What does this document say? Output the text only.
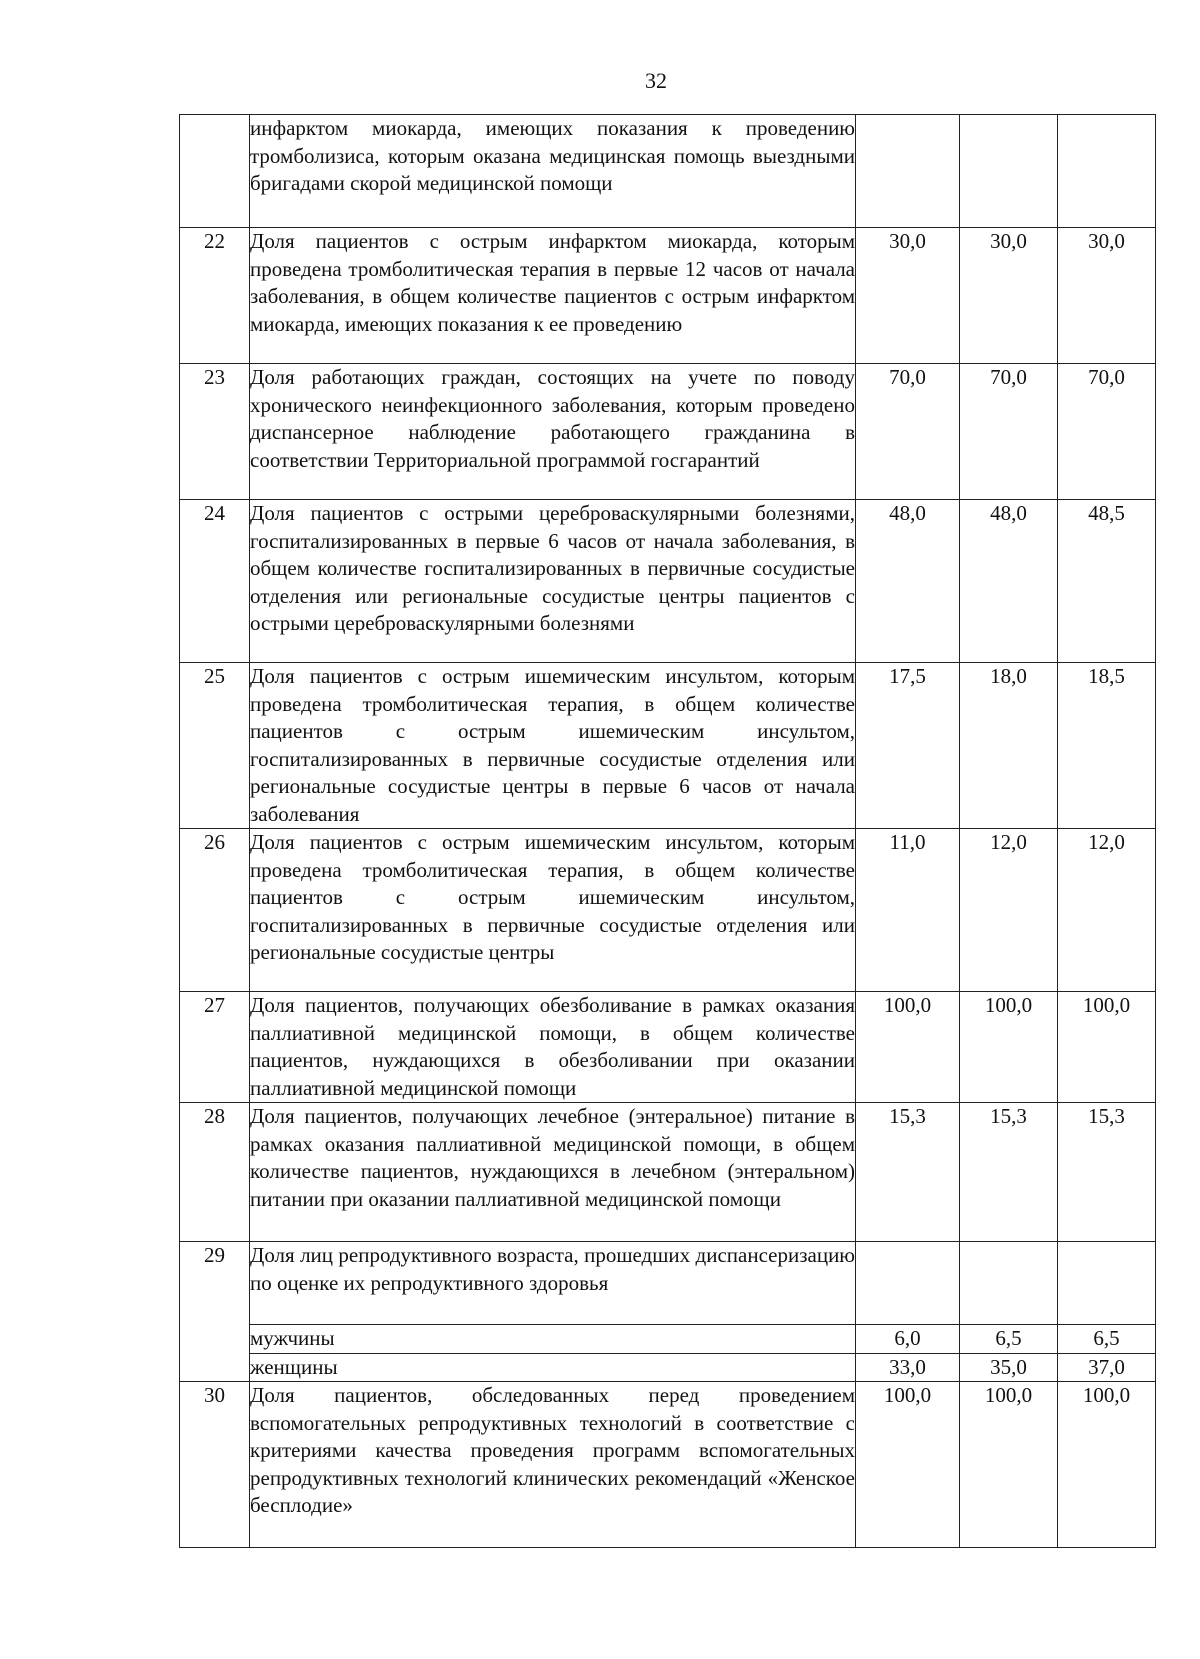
32
	инфарктом миокарда, имеющих показания к проведению тромболизиса, которым оказана медицинская помощь выездными бригадами скорой медицинской помощи			
22	Доля пациентов с острым инфарктом миокарда, которым проведена тромболитическая терапия в первые 12 часов от начала заболевания, в общем количестве пациентов с острым инфарктом миокарда, имеющих показания к ее проведению	30,0	30,0	30,0
23	Доля работающих граждан, состоящих на учете по поводу хронического неинфекционного заболевания, которым проведено диспансерное наблюдение работающего гражданина в соответствии Территориальной программой госгарантий	70,0	70,0	70,0
24	Доля пациентов с острыми цереброваскулярными болезнями, госпитализированных в первые 6 часов от начала заболевания, в общем количестве госпитализированных в первичные сосудистые отделения или региональные сосудистые центры пациентов с острыми цереброваскулярными болезнями	48,0	48,0	48,5
25	Доля пациентов с острым ишемическим инсультом, которым проведена тромболитическая терапия, в общем количестве пациентов с острым ишемическим инсультом, госпитализированных в первичные сосудистые отделения или региональные сосудистые центры в первые 6 часов от начала заболевания	17,5	18,0	18,5
26	Доля пациентов с острым ишемическим инсультом, которым проведена тромболитическая терапия, в общем количестве пациентов с острым ишемическим инсультом, госпитализированных в первичные сосудистые отделения или региональные сосудистые центры	11,0	12,0	12,0
27	Доля пациентов, получающих обезболивание в рамках оказания паллиативной медицинской помощи, в общем количестве пациентов, нуждающихся в обезболивании при оказании паллиативной медицинской помощи	100,0	100,0	100,0
28	Доля пациентов, получающих лечебное (энтеральное) питание в рамках оказания паллиативной медицинской помощи, в общем количестве пациентов, нуждающихся в лечебном (энтеральном) питании при оказании паллиативной медицинской помощи	15,3	15,3	15,3
29	Доля лиц репродуктивного возраста, прошедших диспансеризацию по оценке их репродуктивного здоровья			
	мужчины	6,0	6,5	6,5
	женщины	33,0	35,0	37,0
30	Доля пациентов, обследованных перед проведением вспомогательных репродуктивных технологий в соответствие с критериями качества проведения программ вспомогательных репродуктивных технологий клинических рекомендаций «Женское бесплодие»	100,0	100,0	100,0
